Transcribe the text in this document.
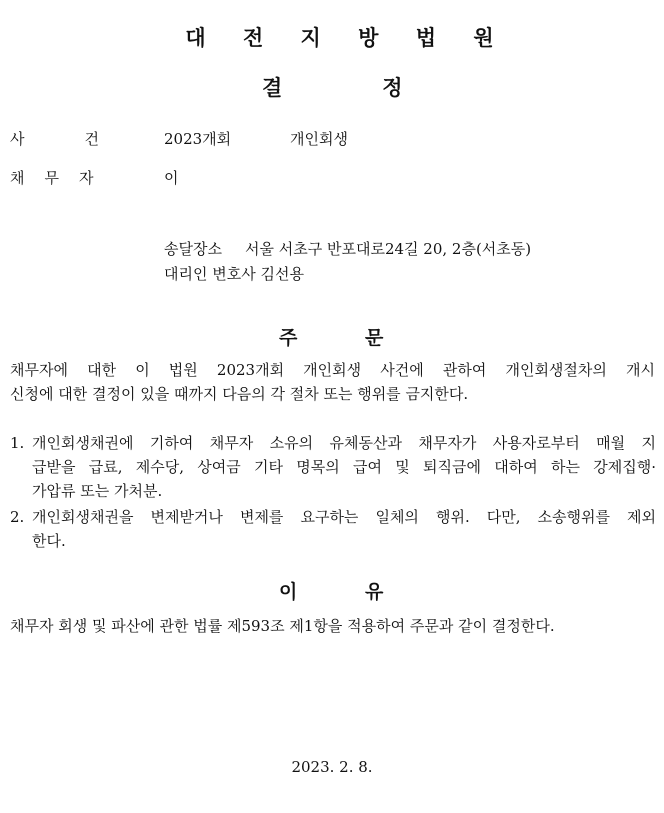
대 전 지 방 법 원
결	정
사	건	2023개회	개인회생
채 무 자	이
송달장소 서울 서초구 반포대로24길 20, 2층(서초동)
대리인 변호사 김선용
주	문
채무자에 대한 이 법원 2023개회 개인회생 사건에 관하여 개인회생절차의 개시
신청에 대한 결정이 있을 때까지 다음의 각 절차 또는 행위를 금지한다.
1. 개인회생채권에 기하여 채무자 소유의 유체동산과 채무자가 사용자로부터 매월 지
급받을 급료, 제수당, 상여금 기타 명목의 급여 및 퇴직금에 대하여 하는 강제집행·
가압류 또는 가처분.
2. 개인회생채권을 변제받거나 변제를 요구하는 일체의 행위. 다만, 소송행위를 제외
한다.
이	유
채무자 회생 및 파산에 관한 법률 제593조 제1항을 적용하여 주문과 같이 결정한다.
2023. 2. 8.
